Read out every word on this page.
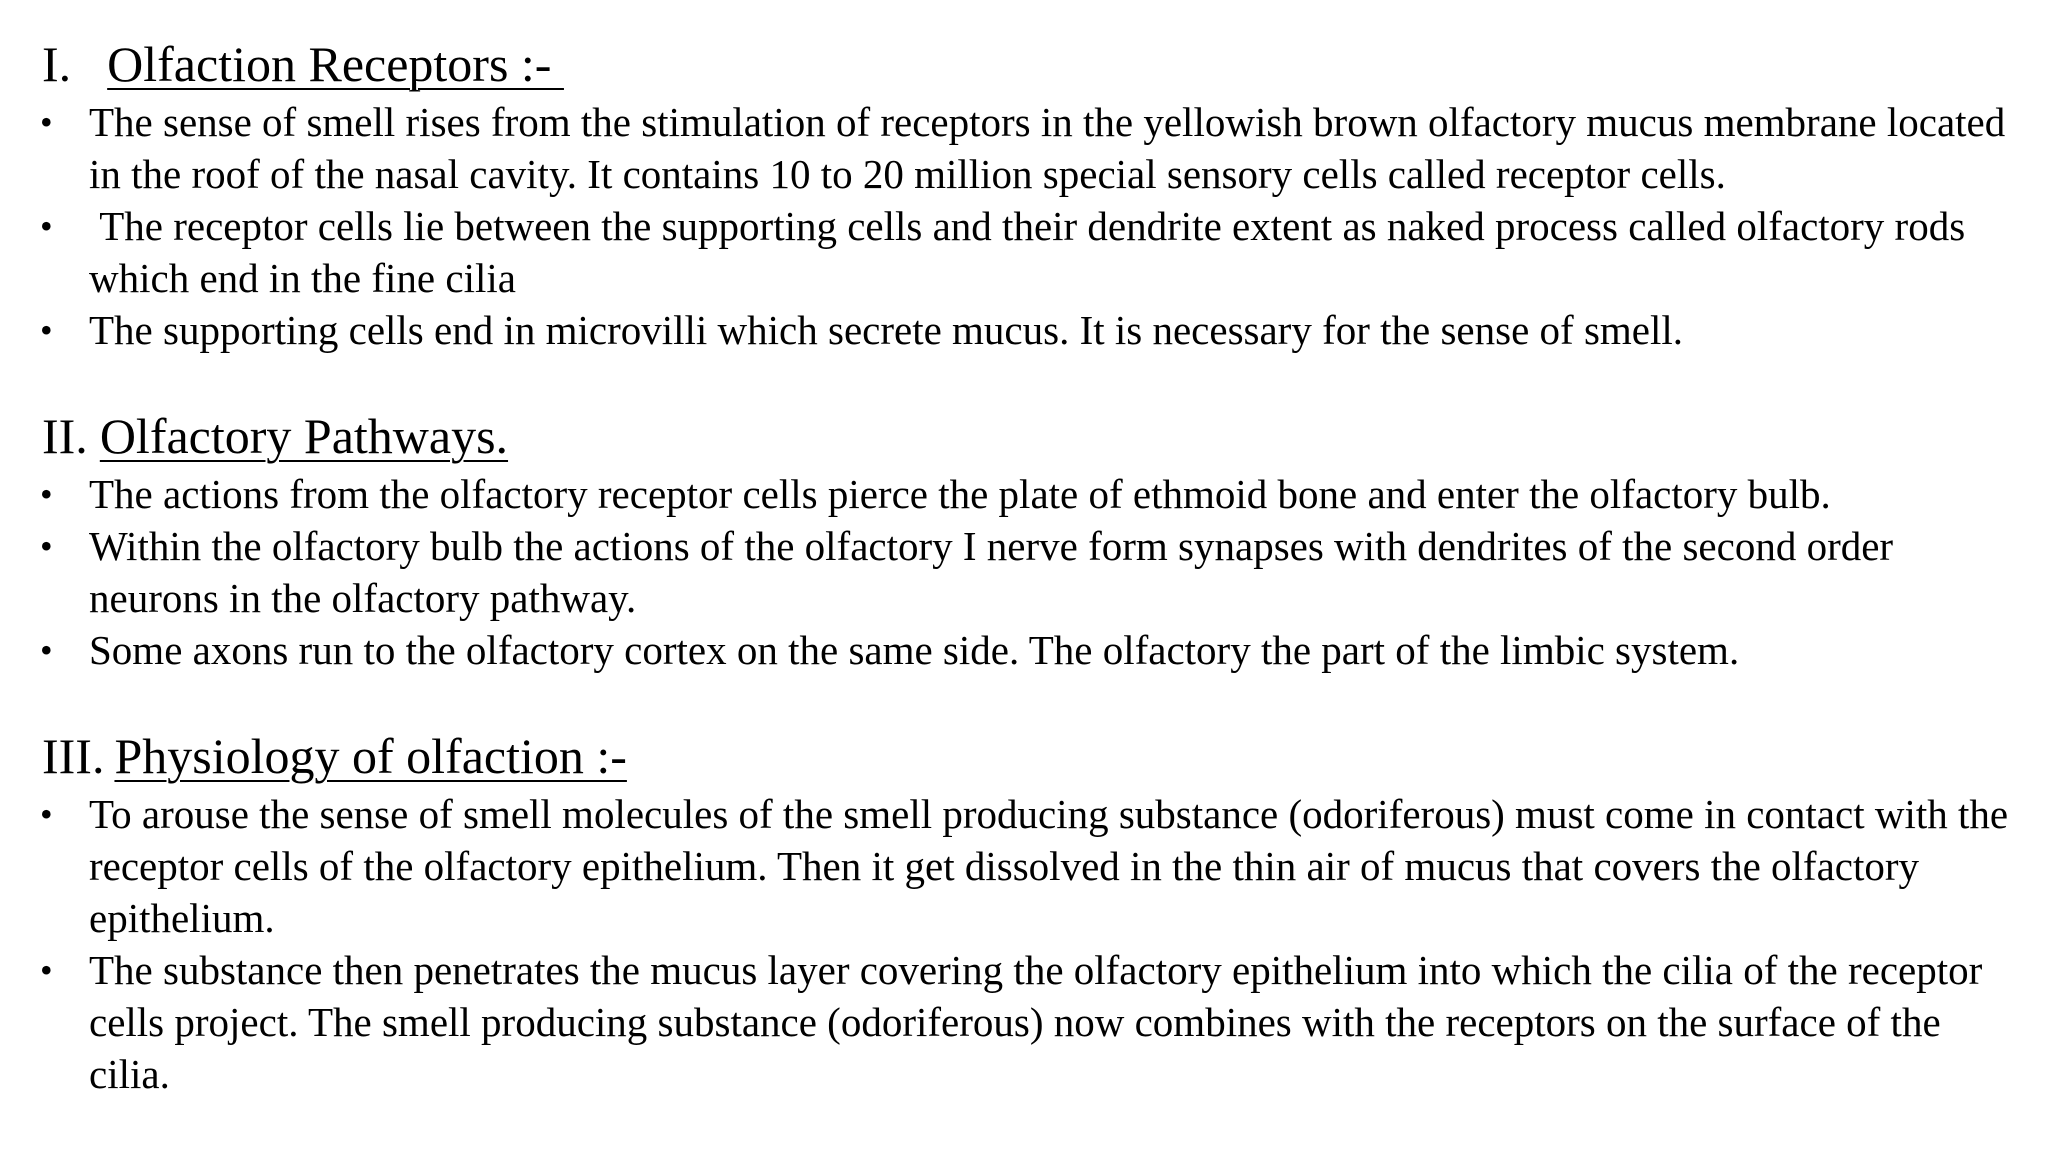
I. Olfaction Receptors :-
• The sense of smell rises from the stimulation of receptors in the yellowish brown olfactory mucus membrane located in the roof of the nasal cavity. It contains 10 to 20 million special sensory cells called receptor cells.
• The receptor cells lie between the supporting cells and their dendrite extent as naked process called olfactory rods which end in the fine cilia
• The supporting cells end in microvilli which secrete mucus. It is necessary for the sense of smell.
II. Olfactory Pathways.
• The actions from the olfactory receptor cells pierce the plate of ethmoid bone and enter the olfactory bulb.
• Within the olfactory bulb the actions of the olfactory I nerve form synapses with dendrites of the second order neurons in the olfactory pathway.
• Some axons run to the olfactory cortex on the same side. The olfactory the part of the limbic system.
III. Physiology of olfaction :-
• To arouse the sense of smell molecules of the smell producing substance (odoriferous) must come in contact with the receptor cells of the olfactory epithelium. Then it get dissolved in the thin air of mucus that covers the olfactory epithelium.
• The substance then penetrates the mucus layer covering the olfactory epithelium into which the cilia of the receptor cells project. The smell producing substance (odoriferous) now combines with the receptors on the surface of the cilia.
